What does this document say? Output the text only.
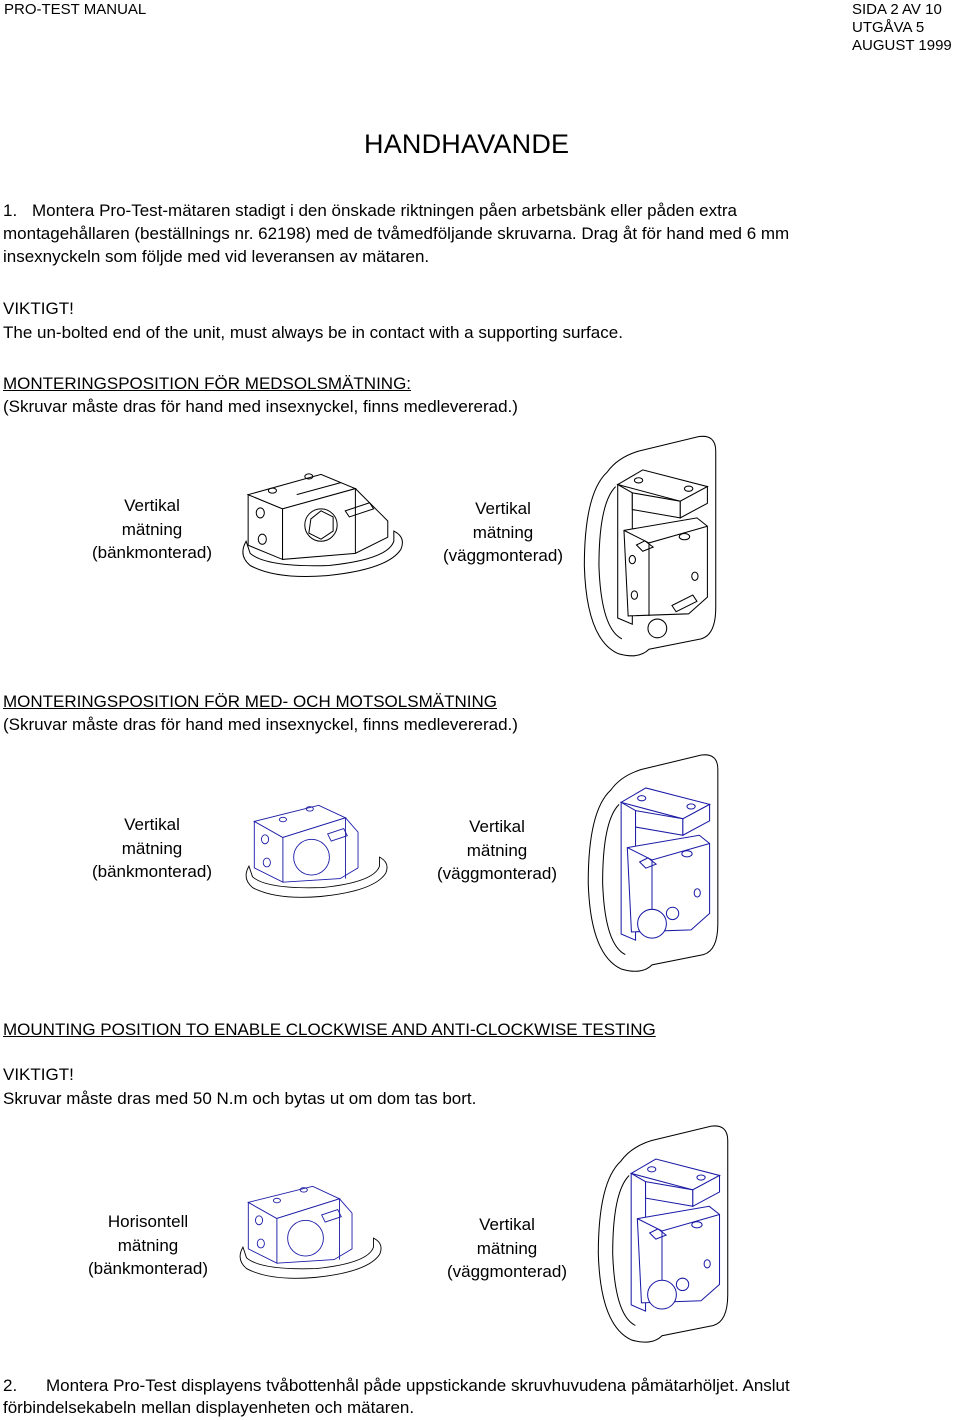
PRO-TEST MANUAL	SIDA 2 AV 10
UTGÅVA 5
AUGUST 1999
HANDHAVANDE
1. Montera Pro-Test-mätaren stadigt i den önskade riktningen påen arbetsbänk eller påden extra
montagehållaren (beställnings nr. 62198) med de tvåmedföljande skruvarna. Drag åt för hand med 6 mm
insexnyckeln som följde med vid leveransen av mätaren.
VIKTIGT!
The un-bolted end of the unit, must always be in contact with a supporting surface.
MONTERINGSPOSITION FÖR MEDSOLSMÄTNING:
(Skruvar måste dras för hand med insexnyckel, finns medlevererad.)
Vertikal
mätning
(bänkmonterad)
Vertikal
mätning
(väggmonterad)
MONTERINGSPOSITION FÖR MED- OCH MOTSOLSMÄTNING
(Skruvar måste dras för hand med insexnyckel, finns medlevererad.)
Vertikal
mätning
(bänkmonterad)
Vertikal
mätning
(väggmonterad)
MOUNTING POSITION TO ENABLE CLOCKWISE AND ANTI-CLOCKWISE TESTING
VIKTIGT!
Skruvar måste dras med 50 N.m och bytas ut om dom tas bort.
Horisontell
mätning
(bänkmonterad)
Vertikal
mätning
(väggmonterad)
2. Montera Pro-Test displayens tvåbottenhål påde uppstickande skruvhuvudena påmätarhöljet. Anslut
förbindelsekabeln mellan displayenheten och mätaren.
